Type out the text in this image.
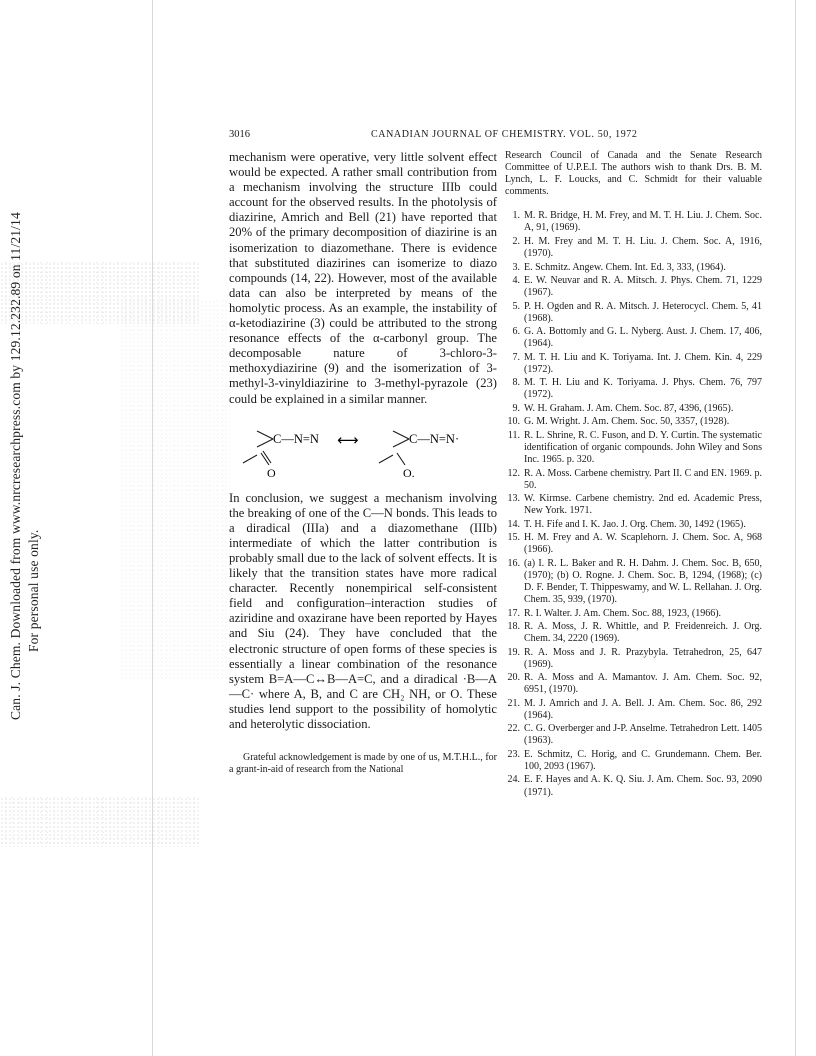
Can. J. Chem. Downloaded from www.nrcresearchpress.com by 129.12.232.89 on 11/21/14 For personal use only.
3016	CANADIAN JOURNAL OF CHEMISTRY. VOL. 50, 1972

mechanism were operative, very little solvent effect would be expected. A rather small contribution from a mechanism involving the structure IIIb could account for the observed results. In the photolysis of diazirine, Amrich and Bell (21) have reported that 20% of the primary decomposition of diazirine is an isomerization to diazomethane. There is evidence that substituted diazirines can isomerize to diazo compounds (14, 22). However, most of the available data can also be interpreted by means of the homolytic process. As an example, the instability of α-ketodiazirine (3) could be attributed to the strong resonance effects of the α-carbonyl group. The decomposable nature of 3-chloro-3-methoxydiazirine (9) and the isomerization of 3-methyl-3-vinyldiazirine to 3-methyl-pyrazole (23) could be explained in a similar manner.

C—N=N
O
⟷	C—N=N·
O.

In conclusion, we suggest a mechanism involving the breaking of one of the C—N bonds. This leads to a diradical (IIIa) and a diazomethane (IIIb) intermediate of which the latter contribution is probably small due to the lack of solvent effects. It is likely that the transition states have more radical character. Recently nonempirical self-consistent field and configuration–interaction studies of aziridine and oxazirane have been reported by Hayes and Siu (24). They have concluded that the electronic structure of open forms of these species is essentially a linear combination of the resonance system B=A—C↔B—A=C, and a diradical ·B—A—C· where A, B, and C are CH₂ NH, or O. These studies lend support to the possibility of homolytic and heterolytic dissociation.

Grateful acknowledgement is made by one of us, M.T.H.L., for a grant-in-aid of research from the National

Research Council of Canada and the Senate Research Committee of U.P.E.I. The authors wish to thank Drs. B. M. Lynch, L. F. Loucks, and C. Schmidt for their valuable comments.

1. M. R. Bridge, H. M. Frey, and M. T. H. Liu. J. Chem. Soc. A, 91, (1969).
2. H. M. Frey and M. T. H. Liu. J. Chem. Soc. A, 1916, (1970).
3. E. Schmitz. Angew. Chem. Int. Ed. 3, 333, (1964).
4. E. W. Neuvar and R. A. Mitsch. J. Phys. Chem. 71, 1229 (1967).
5. P. H. Ogden and R. A. Mitsch. J. Heterocycl. Chem. 5, 41 (1968).
6. G. A. Bottomly and G. L. Nyberg. Aust. J. Chem. 17, 406, (1964).
7. M. T. H. Liu and K. Toriyama. Int. J. Chem. Kin. 4, 229 (1972).
8. M. T. H. Liu and K. Toriyama. J. Phys. Chem. 76, 797 (1972).
9. W. H. Graham. J. Am. Chem. Soc. 87, 4396, (1965).
10. G. M. Wright. J. Am. Chem. Soc. 50, 3357, (1928).
11. R. L. Shrine, R. C. Fuson, and D. Y. Curtin. The systematic identification of organic compounds. John Wiley and Sons Inc. 1965. p. 320.
12. R. A. Moss. Carbene chemistry. Part II. C and EN. 1969. p. 50.
13. W. Kirmse. Carbene chemistry. 2nd ed. Academic Press, New York. 1971.
14. T. H. Fife and I. K. Jao. J. Org. Chem. 30, 1492 (1965).
15. H. M. Frey and A. W. Scaplehorn. J. Chem. Soc. A, 968 (1966).
16. (a) I. R. L. Baker and R. H. Dahm. J. Chem. Soc. B, 650, (1970); (b) O. Rogne. J. Chem. Soc. B, 1294, (1968); (c) D. F. Bender, T. Thippeswamy, and W. L. Rellahan. J. Org. Chem. 35, 939, (1970).
17. R. I. Walter. J. Am. Chem. Soc. 88, 1923, (1966).
18. R. A. Moss, J. R. Whittle, and P. Freidenreich. J. Org. Chem. 34, 2220 (1969).
19. R. A. Moss and J. R. Prazybyla. Tetrahedron, 25, 647 (1969).
20. R. A. Moss and A. Mamantov. J. Am. Chem. Soc. 92, 6951, (1970).
21. M. J. Amrich and J. A. Bell. J. Am. Chem. Soc. 86, 292 (1964).
22. C. G. Overberger and J-P. Anselme. Tetrahedron Lett. 1405 (1963).
23. E. Schmitz, C. Horig, and C. Grundemann. Chem. Ber. 100, 2093 (1967).
24. E. F. Hayes and A. K. Q. Siu. J. Am. Chem. Soc. 93, 2090 (1971).
